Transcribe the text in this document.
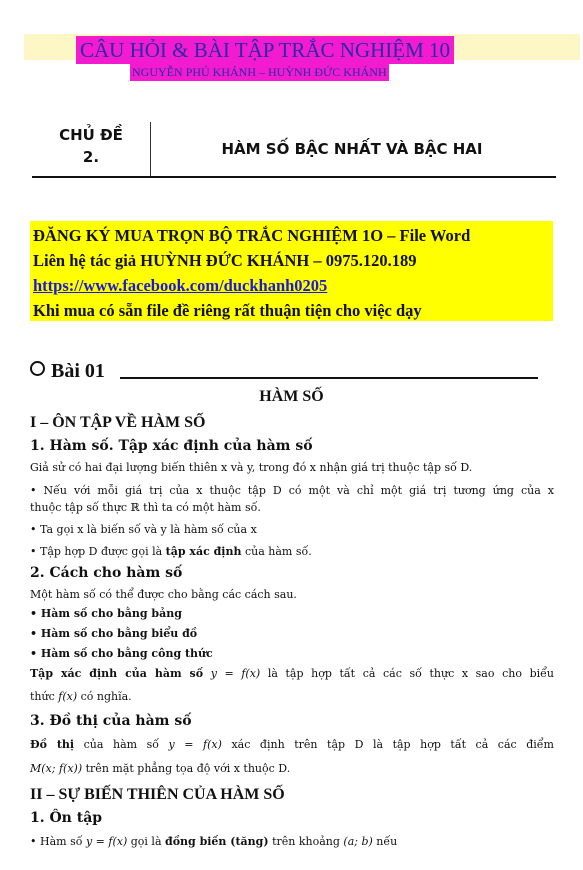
CÂU HỎI & BÀI TẬP TRẮC NGHIỆM 10
NGUYỄN PHÚ KHÁNH – HUỲNH ĐỨC KHÁNH
CHỦ ĐỀ
2.	HÀM SỐ BẬC NHẤT VÀ BẬC HAI
ĐĂNG KÝ MUA TRỌN BỘ TRẮC NGHIỆM 1O – File Word
Liên hệ tác giả HUỲNH ĐỨC KHÁNH – 0975.120.189
https://www.facebook.com/duckhanh0205
Khi mua có sẵn file đề riêng rất thuận tiện cho việc dạy
Bài 01
HÀM SỐ
I – ÔN TẬP VỀ HÀM SỐ
1. Hàm số. Tập xác định của hàm số
Giả sử có hai đại lượng biến thiên x và y, trong đó x nhận giá trị thuộc tập số D.
• Nếu với mỗi giá trị của x thuộc tập D có một và chỉ một giá trị tương ứng của x
thuộc tập số thực ℝ thì ta có một hàm số.
• Ta gọi x là biến số và y là hàm số của x
• Tập hợp D được gọi là tập xác định của hàm số.
2. Cách cho hàm số
Một hàm số có thể được cho bằng các cách sau.
• Hàm số cho bằng bảng
• Hàm số cho bằng biểu đồ
• Hàm số cho bằng công thức
Tập xác định của hàm số y = f(x) là tập hợp tất cả các số thực x sao cho biểu
thức f(x) có nghĩa.
3. Đồ thị của hàm số
Đồ thị của hàm số y = f(x) xác định trên tập D là tập hợp tất cả các điểm
M(x; f(x)) trên mặt phẳng tọa độ với x thuộc D.
II – SỰ BIẾN THIÊN CỦA HÀM SỐ
1. Ôn tập
• Hàm số y = f(x) gọi là đồng biến (tăng) trên khoảng (a; b) nếu
